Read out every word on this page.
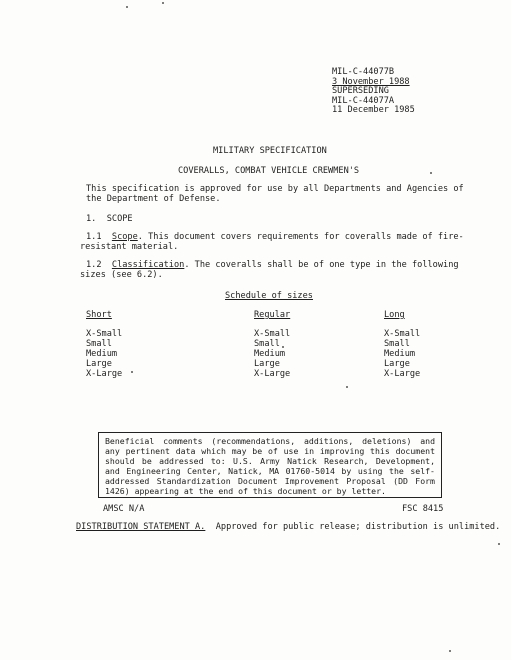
MIL-C-44077B
3 November 1988
SUPERSEDING
MIL-C-44077A
11 December 1985
MILITARY SPECIFICATION
COVERALLS, COMBAT VEHICLE CREWMEN'S
This specification is approved for use by all Departments and Agencies of
the Department of Defense.
1. SCOPE
1.1 Scope. This document covers requirements for coveralls made of fire-
resistant material.
1.2 Classification. The coveralls shall be of one type in the following
sizes (see 6.2).
Schedule of sizes
Short
X-Small
Small
Medium
Large
X-Large
Regular
X-Small
Small
Medium
Large
X-Large
Long
X-Small
Small
Medium
Large
X-Large
Beneficial comments (recommendations, additions, deletions) and any pertinent data which may be of use in improving this document should be addressed to: U.S. Army Natick Research, Development, and Engineering Center, Natick, MA 01760-5014 by using the self-addressed Standardization Document Improvement Proposal (DD Form 1426) appearing at the end of this document or by letter.
AMSC N/A	FSC 8415
DISTRIBUTION STATEMENT A. Approved for public release; distribution is unlimited.
